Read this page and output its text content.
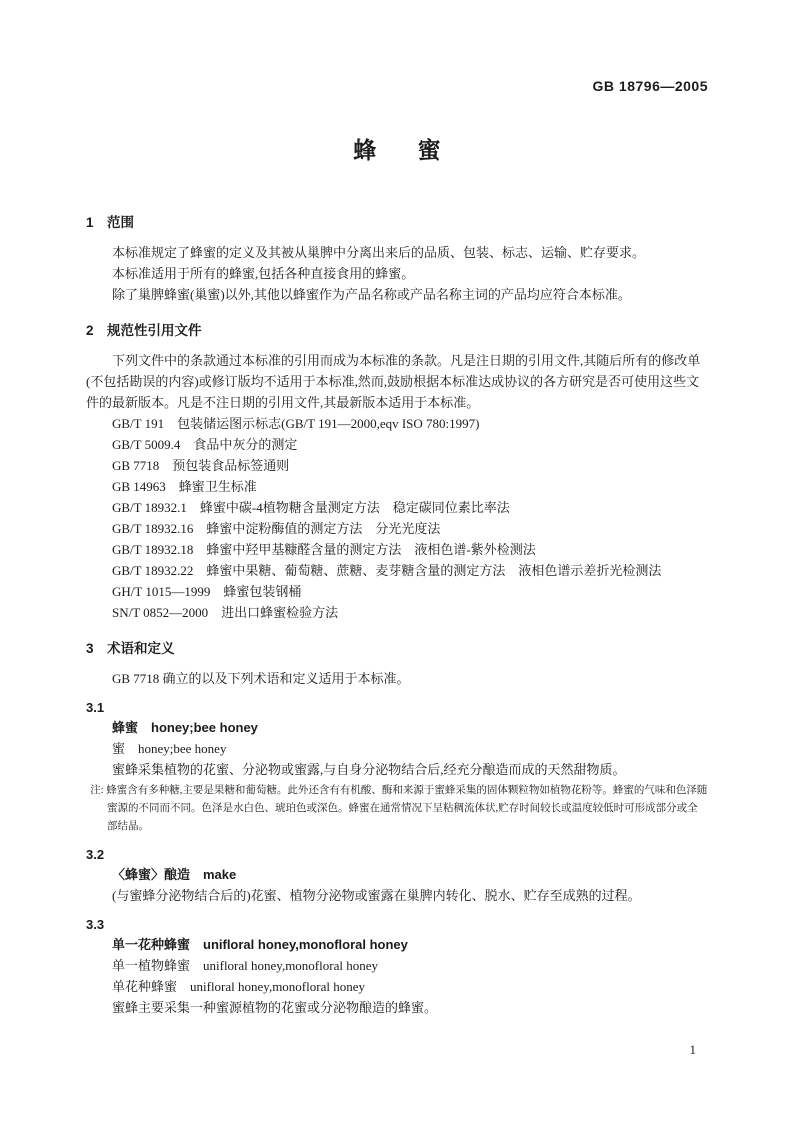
GB 18796—2005
蜂蜜
1　范围

本标准规定了蜂蜜的定义及其被从巢脾中分离出来后的品质、包装、标志、运输、贮存要求。

本标准适用于所有的蜂蜜,包括各种直接食用的蜂蜜。

除了巢脾蜂蜜(巢蜜)以外,其他以蜂蜜作为产品名称或产品名称主词的产品均应符合本标准。

2　规范性引用文件

下列文件中的条款通过本标准的引用而成为本标准的条款。凡是注日期的引用文件,其随后所有的修改单(不包括勘误的内容)或修订版均不适用于本标准,然而,鼓励根据本标准达成协议的各方研究是否可使用这些文件的最新版本。凡是不注日期的引用文件,其最新版本适用于本标准。

GB/T 191　包装储运图示标志(GB/T 191—2000,eqv ISO 780:1997)

GB/T 5009.4　食品中灰分的测定

GB 7718　预包装食品标签通则

GB 14963　蜂蜜卫生标准

GB/T 18932.1　蜂蜜中碳-4植物糖含量测定方法　稳定碳同位素比率法

GB/T 18932.16　蜂蜜中淀粉酶值的测定方法　分光光度法

GB/T 18932.18　蜂蜜中羟甲基糠醛含量的测定方法　液相色谱-紫外检测法

GB/T 18932.22　蜂蜜中果糖、葡萄糖、蔗糖、麦芽糖含量的测定方法　液相色谱示差折光检测法

GH/T 1015—1999　蜂蜜包装钢桶

SN/T 0852—2000　进出口蜂蜜检验方法

3　术语和定义

GB 7718 确立的以及下列术语和定义适用于本标准。

3.1

蜂蜜　honey;bee honey

蜜　honey;bee honey

蜜蜂采集植物的花蜜、分泌物或蜜露,与自身分泌物结合后,经充分酿造而成的天然甜物质。

注: 蜂蜜含有多种糖,主要是果糖和葡萄糖。此外还含有有机酸、酶和来源于蜜蜂采集的固体颗粒物如植物花粉等。蜂蜜的气味和色泽随蜜源的不同而不同。色泽是水白色、琥珀色或深色。蜂蜜在通常情况下呈粘稠流体状,贮存时间较长或温度较低时可形成部分或全部结晶。

3.2

〈蜂蜜〉酿造　make

(与蜜蜂分泌物结合后的)花蜜、植物分泌物或蜜露在巢脾内转化、脱水、贮存至成熟的过程。

3.3

单一花种蜂蜜　unifloral honey,monofloral honey

单一植物蜂蜜　unifloral honey,monofloral honey

单花种蜂蜜　unifloral honey,monofloral honey

蜜蜂主要采集一种蜜源植物的花蜜或分泌物酿造的蜂蜜。

1
